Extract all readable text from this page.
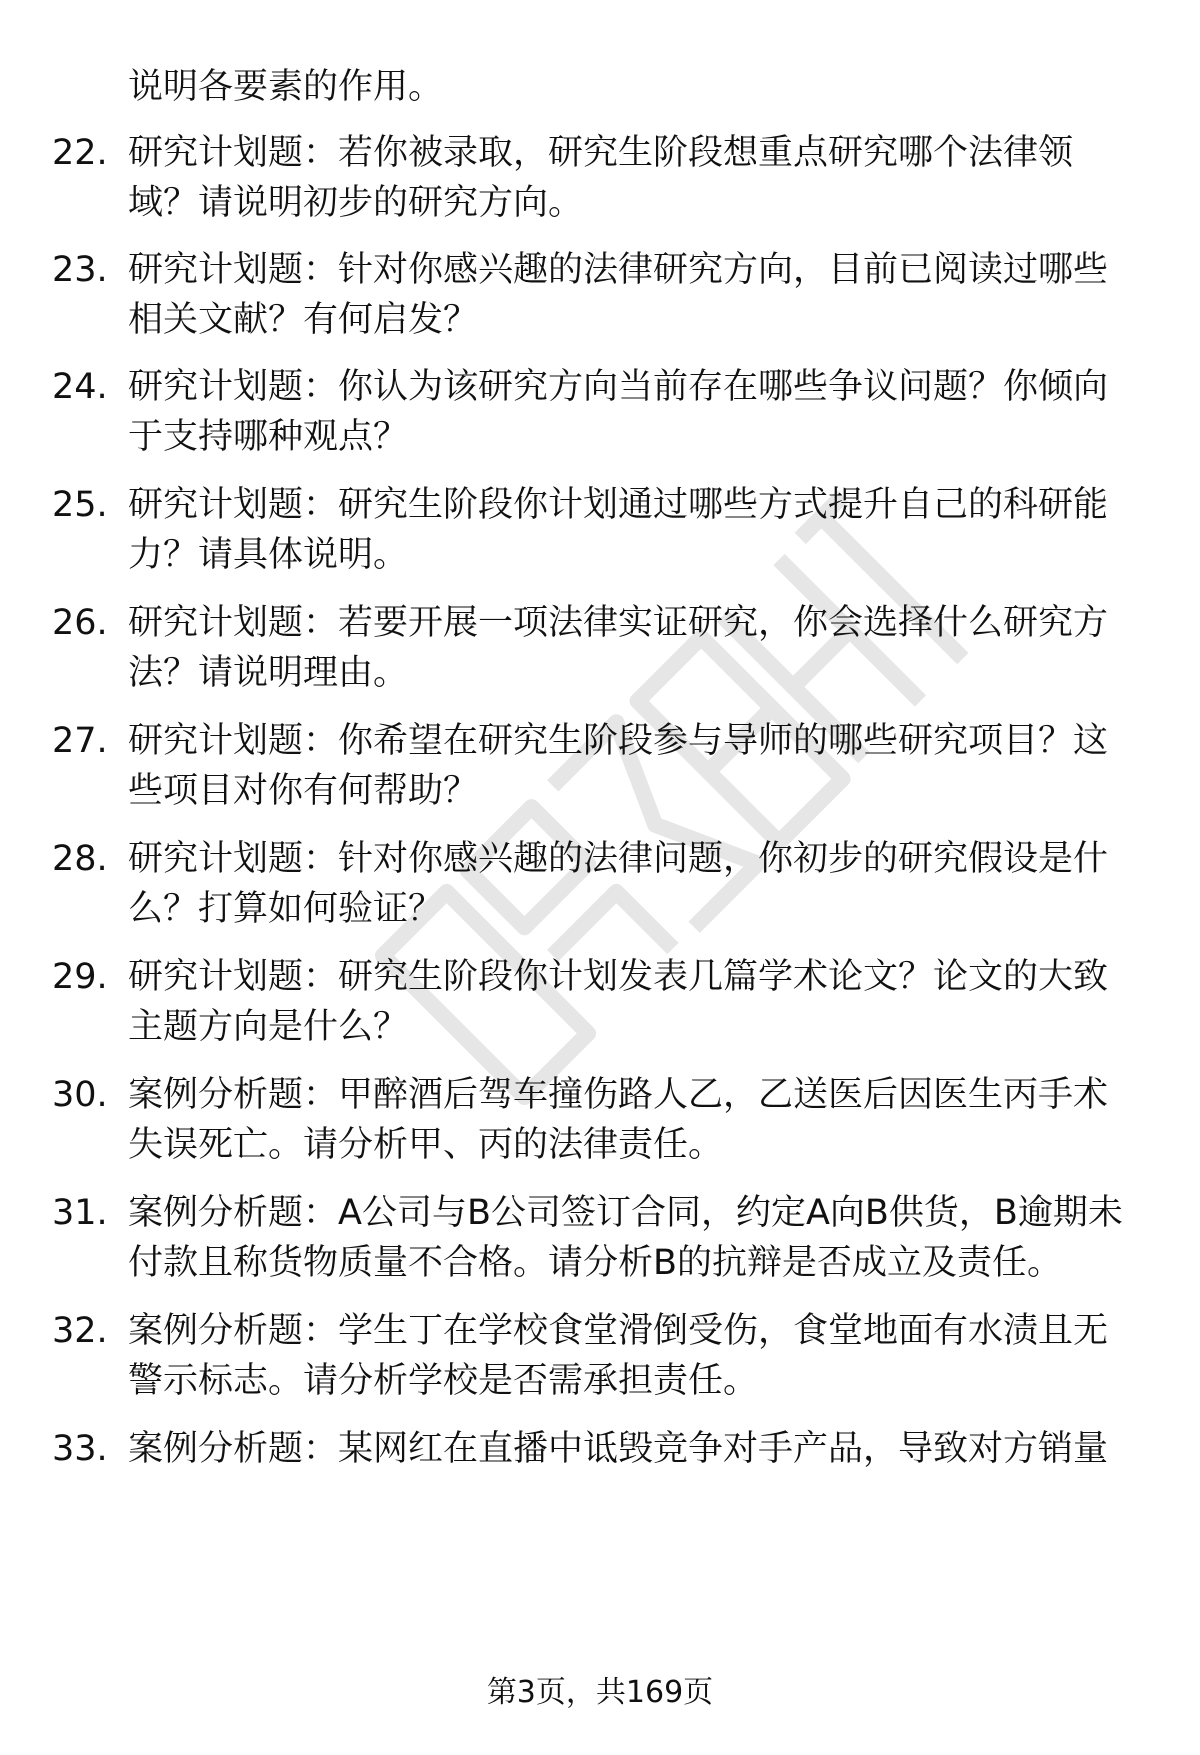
说明各要素的作用。
22. 研究计划题：若你被录取，研究生阶段想重点研究哪个法律领
域？请说明初步的研究方向。
23. 研究计划题：针对你感兴趣的法律研究方向，目前已阅读过哪些
相关文献？有何启发？
24. 研究计划题：你认为该研究方向当前存在哪些争议问题？你倾向
于支持哪种观点？
25. 研究计划题：研究生阶段你计划通过哪些方式提升自己的科研能
力？请具体说明。
26. 研究计划题：若要开展一项法律实证研究，你会选择什么研究方
法？请说明理由。
27. 研究计划题：你希望在研究生阶段参与导师的哪些研究项目？这
些项目对你有何帮助？
28. 研究计划题：针对你感兴趣的法律问题，你初步的研究假设是什
么？打算如何验证？
29. 研究计划题：研究生阶段你计划发表几篇学术论文？论文的大致
主题方向是什么？
30. 案例分析题：甲醉酒后驾车撞伤路人乙，乙送医后因医生丙手术
失误死亡。请分析甲、丙的法律责任。
31. 案例分析题：A公司与B公司签订合同，约定A向B供货，B逾期未
付款且称货物质量不合格。请分析B的抗辩是否成立及责任。
32. 案例分析题：学生丁在学校食堂滑倒受伤，食堂地面有水渍且无
警示标志。请分析学校是否需承担责任。
33. 案例分析题：某网红在直播中诋毁竞争对手产品，导致对方销量
第3页，共169页
